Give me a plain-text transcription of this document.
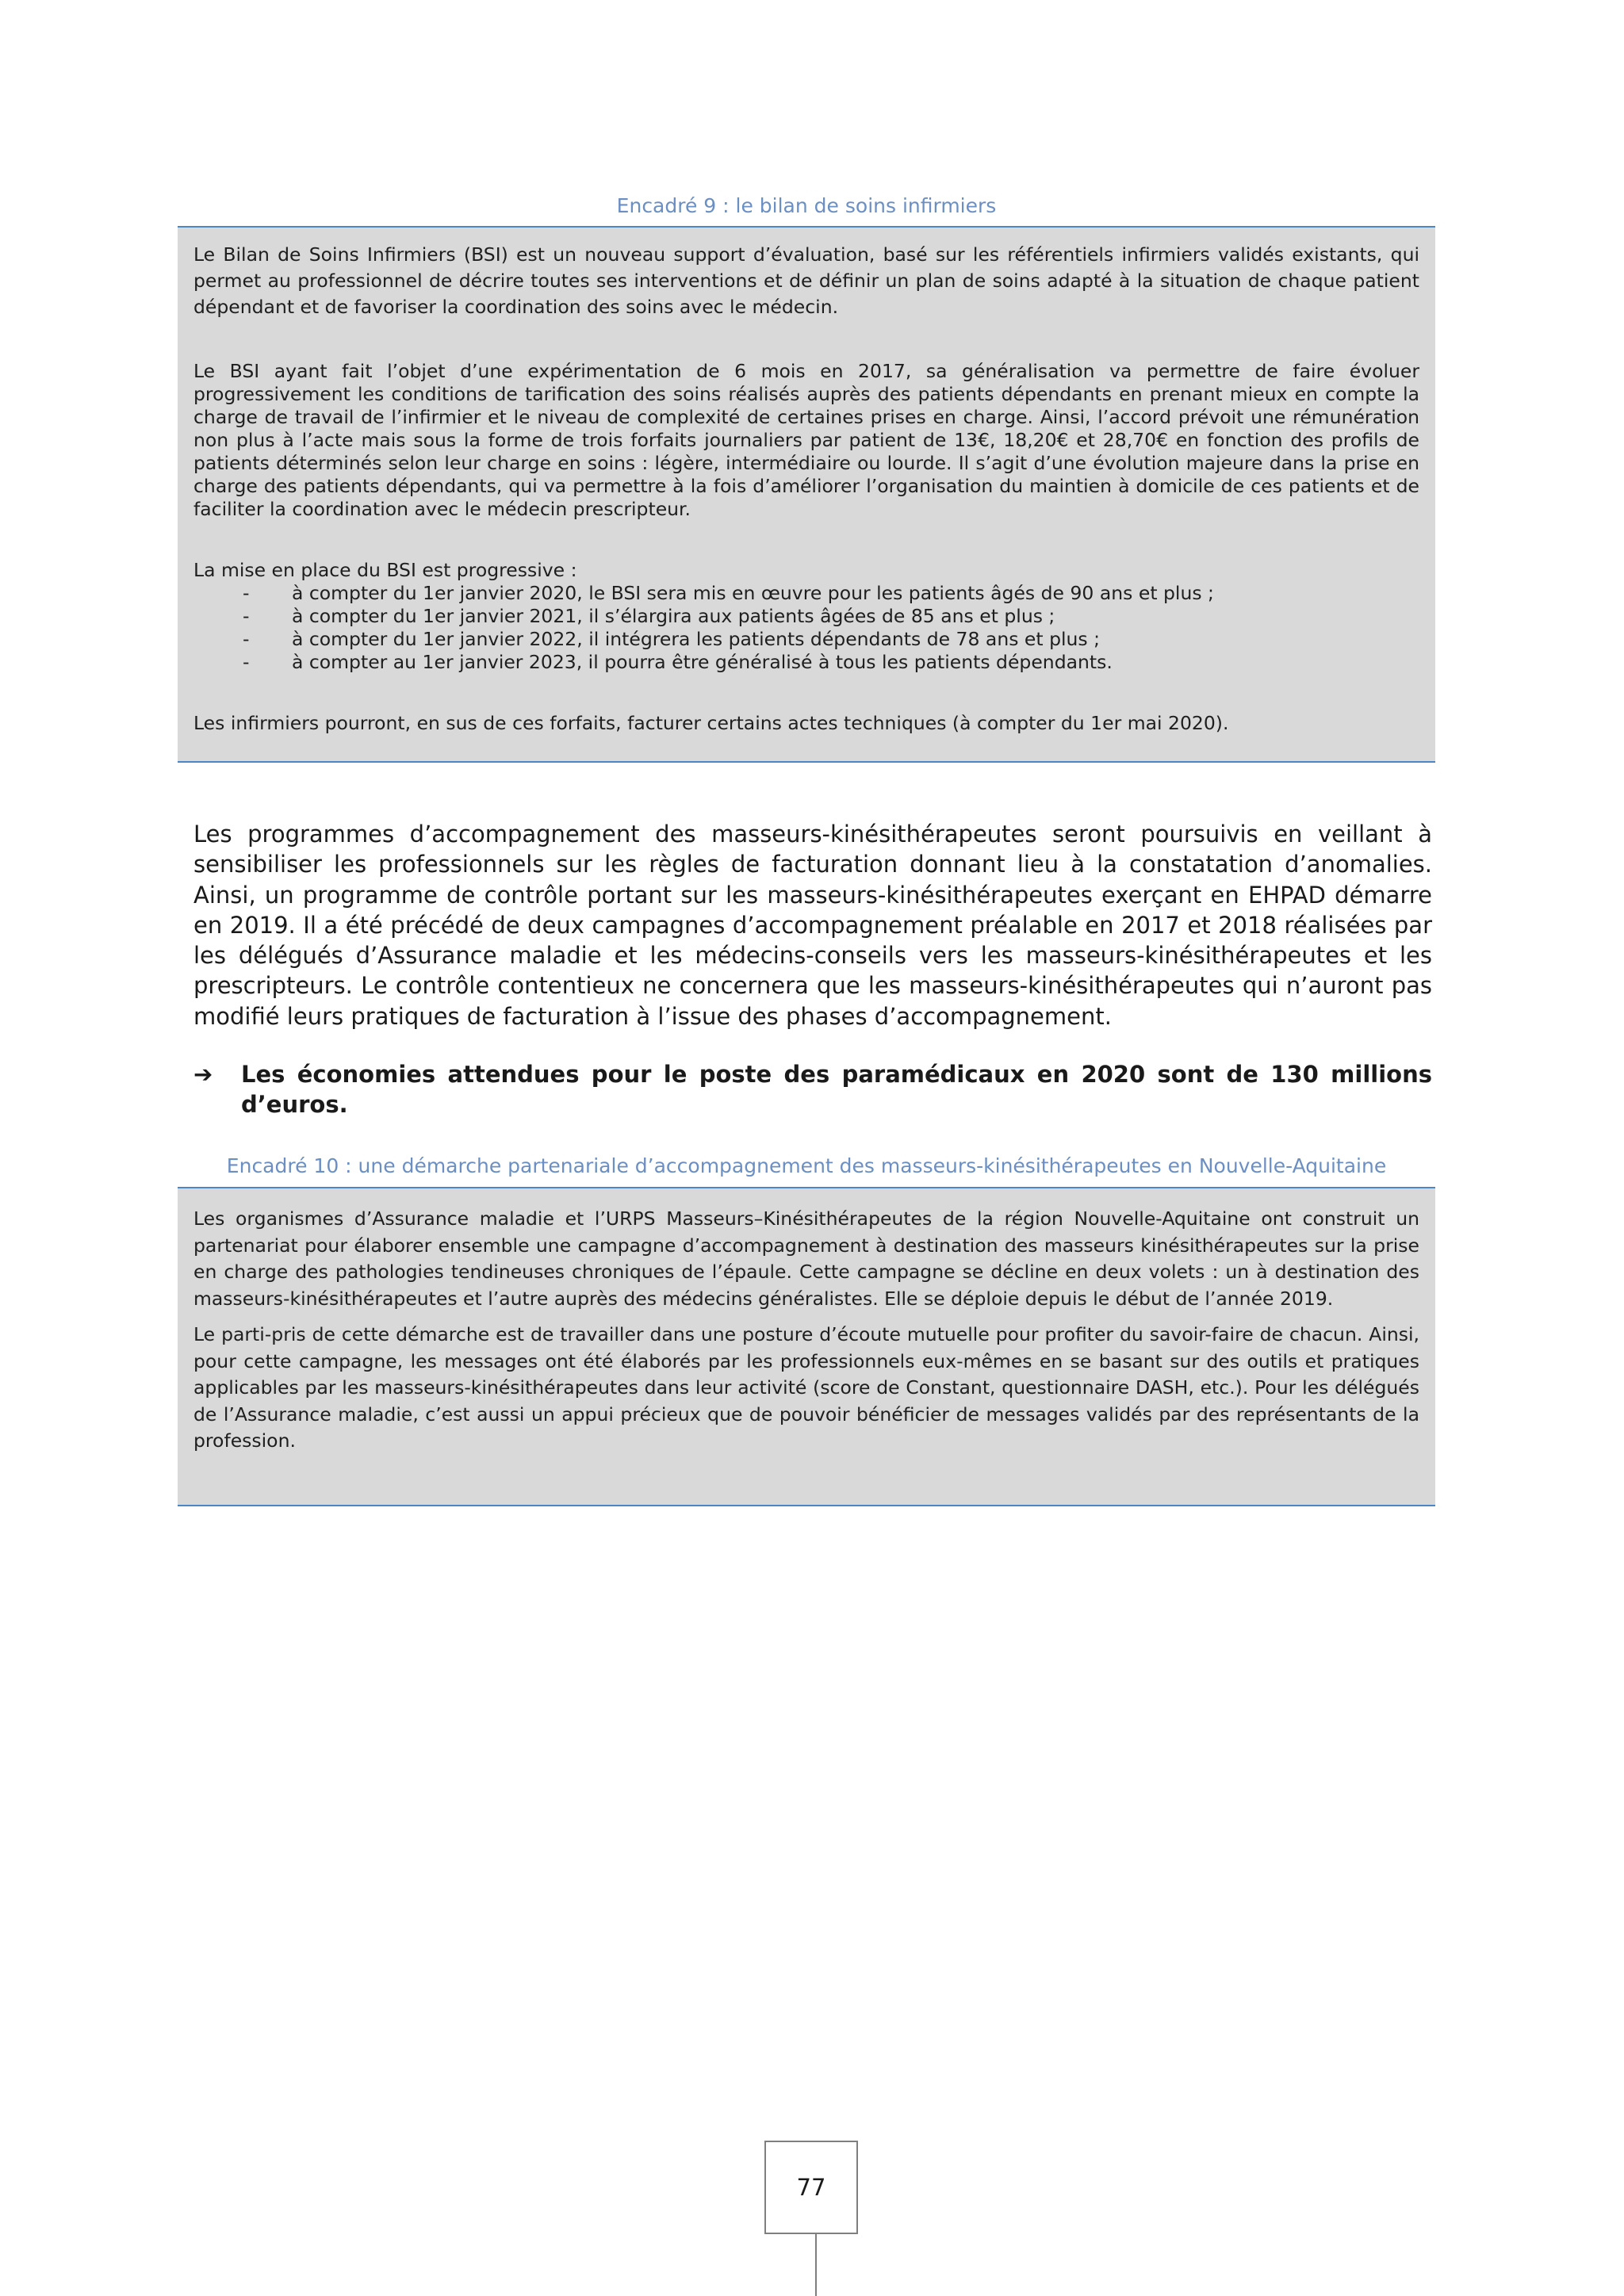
Encadré 9 : le bilan de soins infirmiers

Le Bilan de Soins Infirmiers (BSI) est un nouveau support d’évaluation, basé sur les référentiels infirmiers validés existants, qui permet au professionnel de décrire toutes ses interventions et de définir un plan de soins adapté à la situation de chaque patient dépendant et de favoriser la coordination des soins avec le médecin.

Le BSI ayant fait l’objet d’une expérimentation de 6 mois en 2017, sa généralisation va permettre de faire évoluer progressivement les conditions de tarification des soins réalisés auprès des patients dépendants en prenant mieux en compte la charge de travail de l’infirmier et le niveau de complexité de certaines prises en charge. Ainsi, l’accord prévoit une rémunération non plus à l’acte mais sous la forme de trois forfaits journaliers par patient de 13€, 18,20€ et 28,70€ en fonction des profils de patients déterminés selon leur charge en soins : légère, intermédiaire ou lourde. Il s’agit d’une évolution majeure dans la prise en charge des patients dépendants, qui va permettre à la fois d’améliorer l’organisation du maintien à domicile de ces patients et de faciliter la coordination avec le médecin prescripteur.

La mise en place du BSI est progressive :

- à compter du 1er janvier 2020, le BSI sera mis en œuvre pour les patients âgés de 90 ans et plus ;
- à compter du 1er janvier 2021, il s’élargira aux patients âgées de 85 ans et plus ;
- à compter du 1er janvier 2022, il intégrera les patients dépendants de 78 ans et plus ;
- à compter au 1er janvier 2023, il pourra être généralisé à tous les patients dépendants.

Les infirmiers pourront, en sus de ces forfaits, facturer certains actes techniques (à compter du 1er mai 2020).

Les programmes d’accompagnement des masseurs-kinésithérapeutes seront poursuivis en veillant à sensibiliser les professionnels sur les règles de facturation donnant lieu à la constatation d’anomalies. Ainsi, un programme de contrôle portant sur les masseurs-kinésithérapeutes exerçant en EHPAD démarre en 2019. Il a été précédé de deux campagnes d’accompagnement préalable en 2017 et 2018 réalisées par les délégués d’Assurance maladie et les médecins-conseils vers les masseurs-kinésithérapeutes et les prescripteurs. Le contrôle contentieux ne concernera que les masseurs-kinésithérapeutes qui n’auront pas modifié leurs pratiques de facturation à l’issue des phases d’accompagnement.
➔ Les économies attendues pour le poste des paramédicaux en 2020 sont de 130 millions d’euros.
Encadré 10 : une démarche partenariale d’accompagnement des masseurs-kinésithérapeutes en Nouvelle-Aquitaine

Les organismes d’Assurance maladie et l’URPS Masseurs–Kinésithérapeutes de la région Nouvelle-Aquitaine ont construit un partenariat pour élaborer ensemble une campagne d’accompagnement à destination des masseurs kinésithérapeutes sur la prise en charge des pathologies tendineuses chroniques de l’épaule. Cette campagne se décline en deux volets : un à destination des masseurs-kinésithérapeutes et l’autre auprès des médecins généralistes. Elle se déploie depuis le début de l’année 2019.

Le parti-pris de cette démarche est de travailler dans une posture d’écoute mutuelle pour profiter du savoir-faire de chacun. Ainsi, pour cette campagne, les messages ont été élaborés par les professionnels eux-mêmes en se basant sur des outils et pratiques applicables par les masseurs-kinésithérapeutes dans leur activité (score de Constant, questionnaire DASH, etc.). Pour les délégués de l’Assurance maladie, c’est aussi un appui précieux que de pouvoir bénéficier de messages validés par des représentants de la profession.

77
